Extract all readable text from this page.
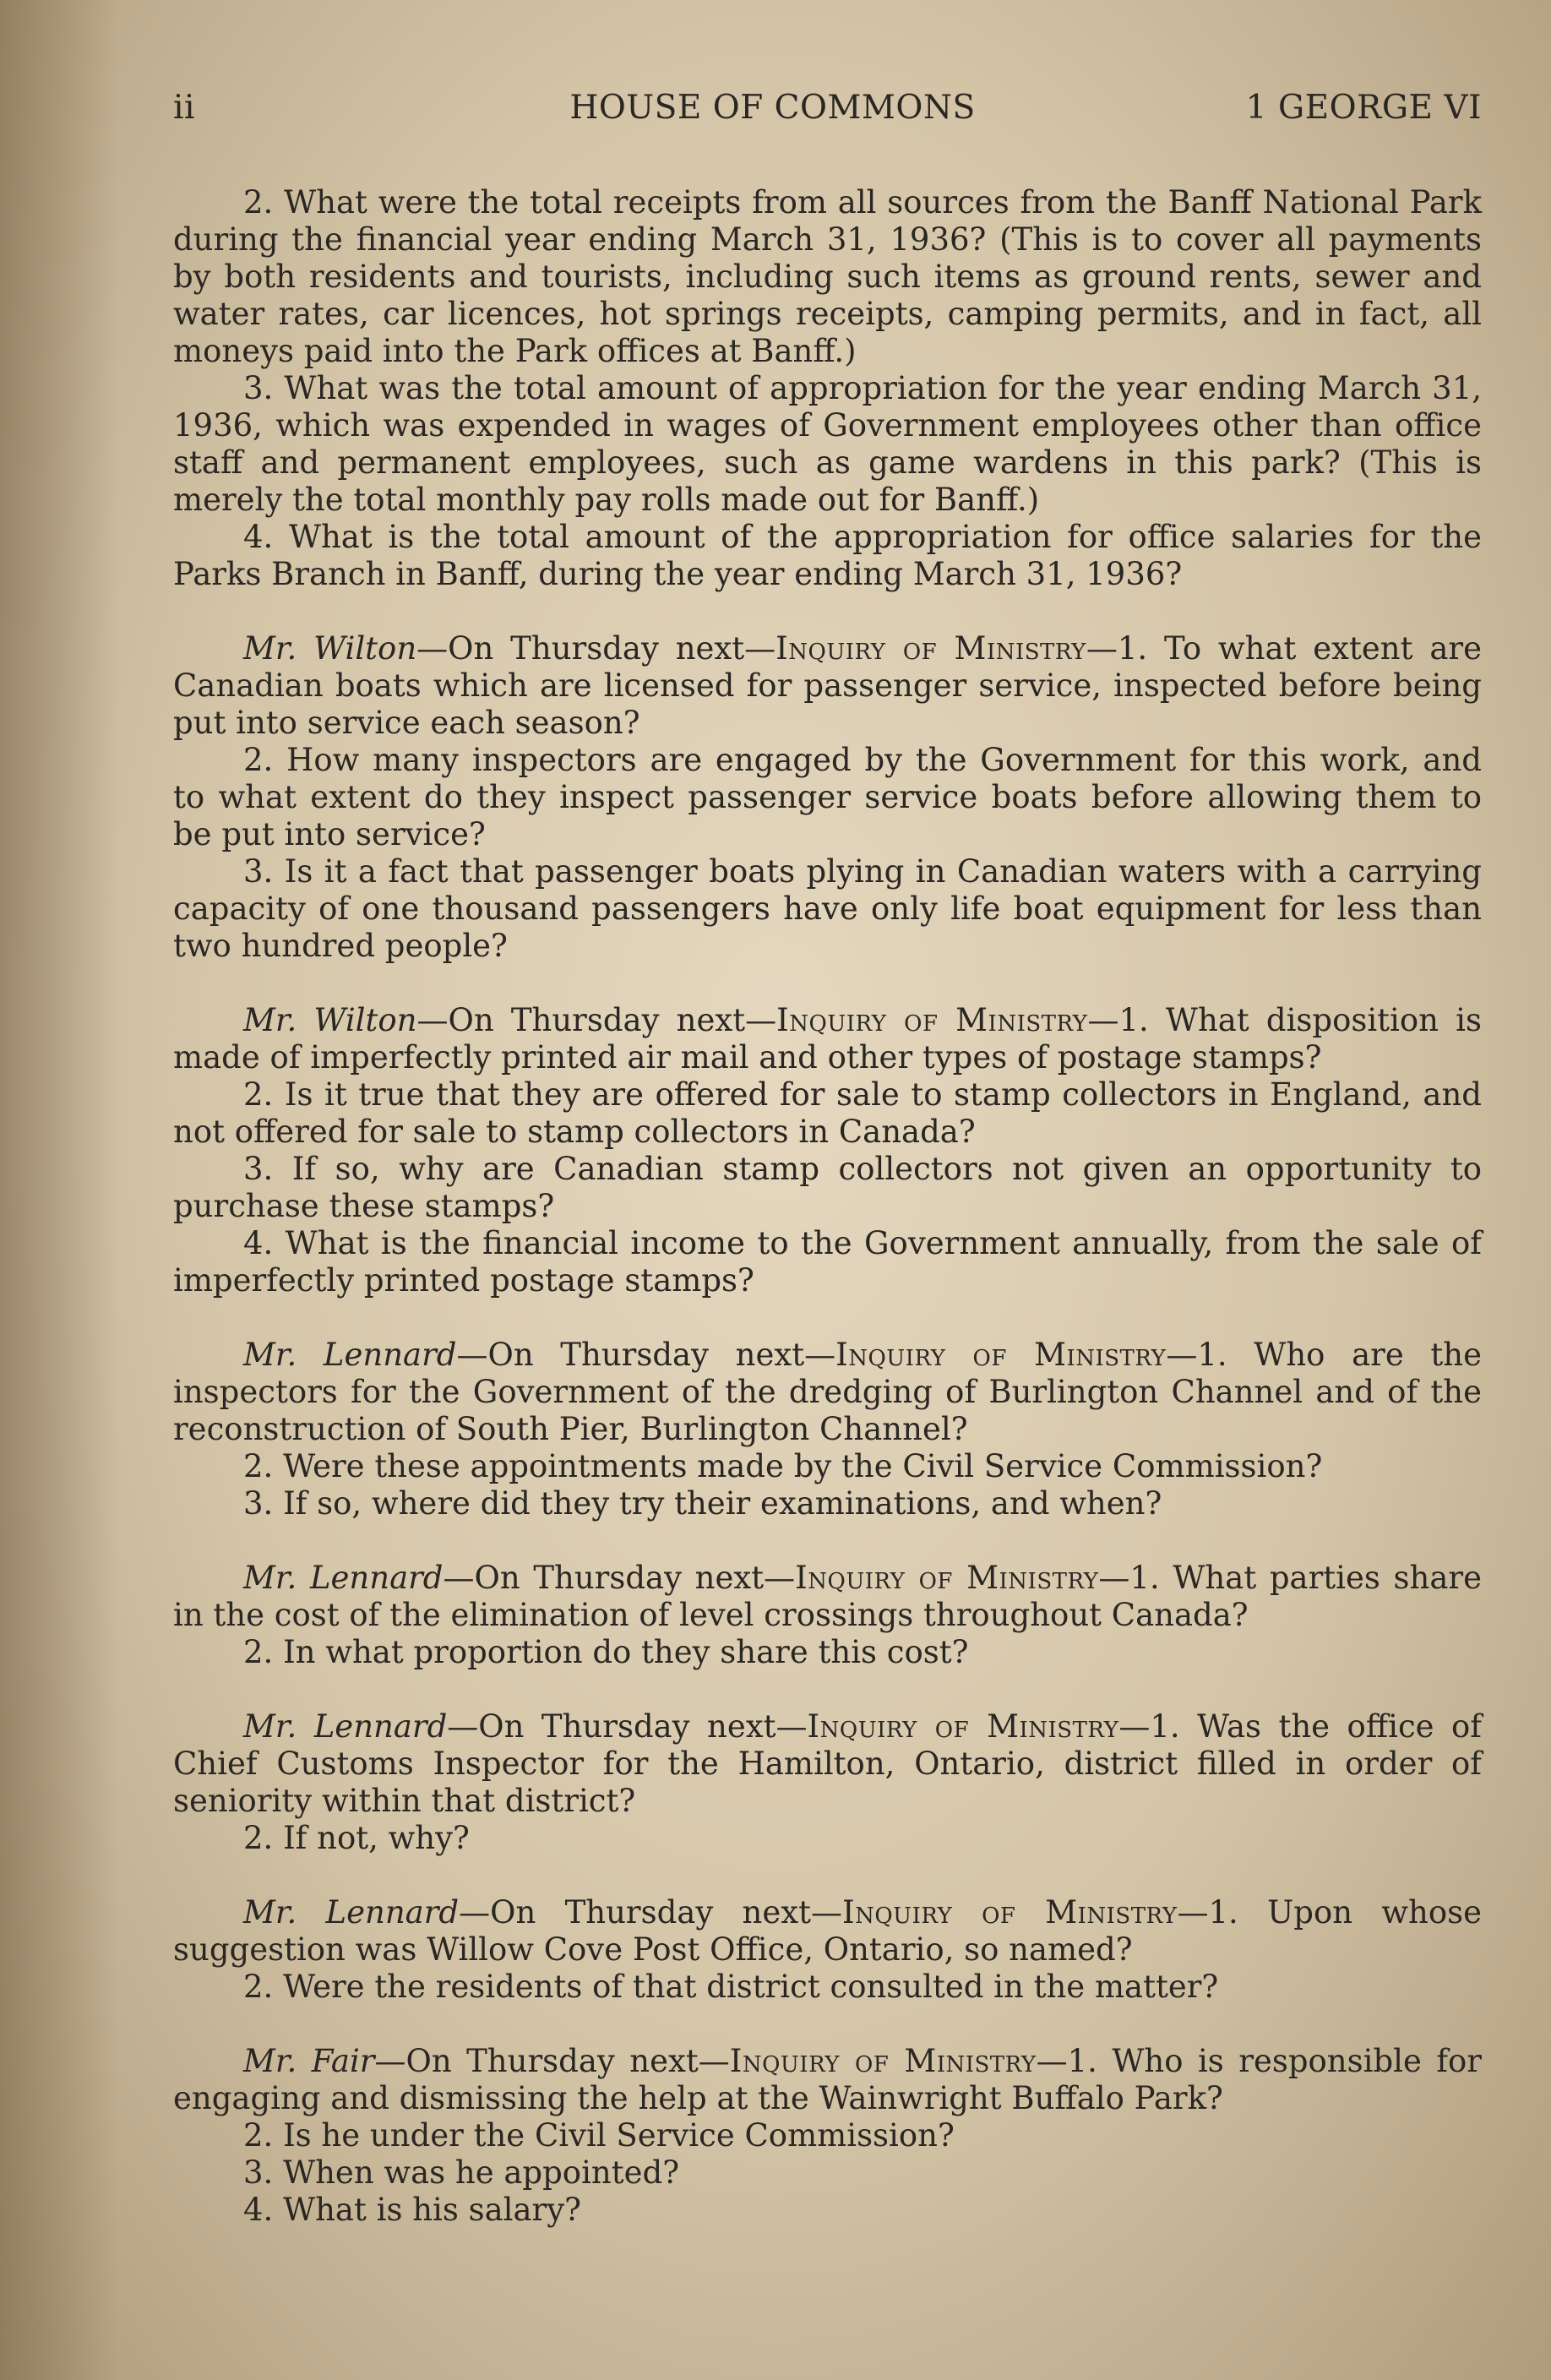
ii	HOUSE OF COMMONS	1 GEORGE VI

2. What were the total receipts from all sources from the Banff National Park during the financial year ending March 31, 1936? (This is to cover all payments by both residents and tourists, including such items as ground rents, sewer and water rates, car licences, hot springs receipts, camping permits, and in fact, all moneys paid into the Park offices at Banff.)

3. What was the total amount of appropriation for the year ending March 31, 1936, which was expended in wages of Government employees other than office staff and permanent employees, such as game wardens in this park? (This is merely the total monthly pay rolls made out for Banff.)

4. What is the total amount of the appropriation for office salaries for the Parks Branch in Banff, during the year ending March 31, 1936?

Mr. Wilton—On Thursday next—Inquiry of Ministry—1. To what extent are Canadian boats which are licensed for passenger service, inspected before being put into service each season?

2. How many inspectors are engaged by the Government for this work, and to what extent do they inspect passenger service boats before allowing them to be put into service?

3. Is it a fact that passenger boats plying in Canadian waters with a carrying capacity of one thousand passengers have only life boat equipment for less than two hundred people?

Mr. Wilton—On Thursday next—Inquiry of Ministry—1. What disposition is made of imperfectly printed air mail and other types of postage stamps?

2. Is it true that they are offered for sale to stamp collectors in England, and not offered for sale to stamp collectors in Canada?

3. If so, why are Canadian stamp collectors not given an opportunity to purchase these stamps?

4. What is the financial income to the Government annually, from the sale of imperfectly printed postage stamps?

Mr. Lennard—On Thursday next—Inquiry of Ministry—1. Who are the inspectors for the Government of the dredging of Burlington Channel and of the reconstruction of South Pier, Burlington Channel?

2. Were these appointments made by the Civil Service Commission?

3. If so, where did they try their examinations, and when?

Mr. Lennard—On Thursday next—Inquiry of Ministry—1. What parties share in the cost of the elimination of level crossings throughout Canada?

2. In what proportion do they share this cost?

Mr. Lennard—On Thursday next—Inquiry of Ministry—1. Was the office of Chief Customs Inspector for the Hamilton, Ontario, district filled in order of seniority within that district?

2. If not, why?

Mr. Lennard—On Thursday next—Inquiry of Ministry—1. Upon whose suggestion was Willow Cove Post Office, Ontario, so named?

2. Were the residents of that district consulted in the matter?

Mr. Fair—On Thursday next—Inquiry of Ministry—1. Who is responsible for engaging and dismissing the help at the Wainwright Buffalo Park?

2. Is he under the Civil Service Commission?

3. When was he appointed?

4. What is his salary?
